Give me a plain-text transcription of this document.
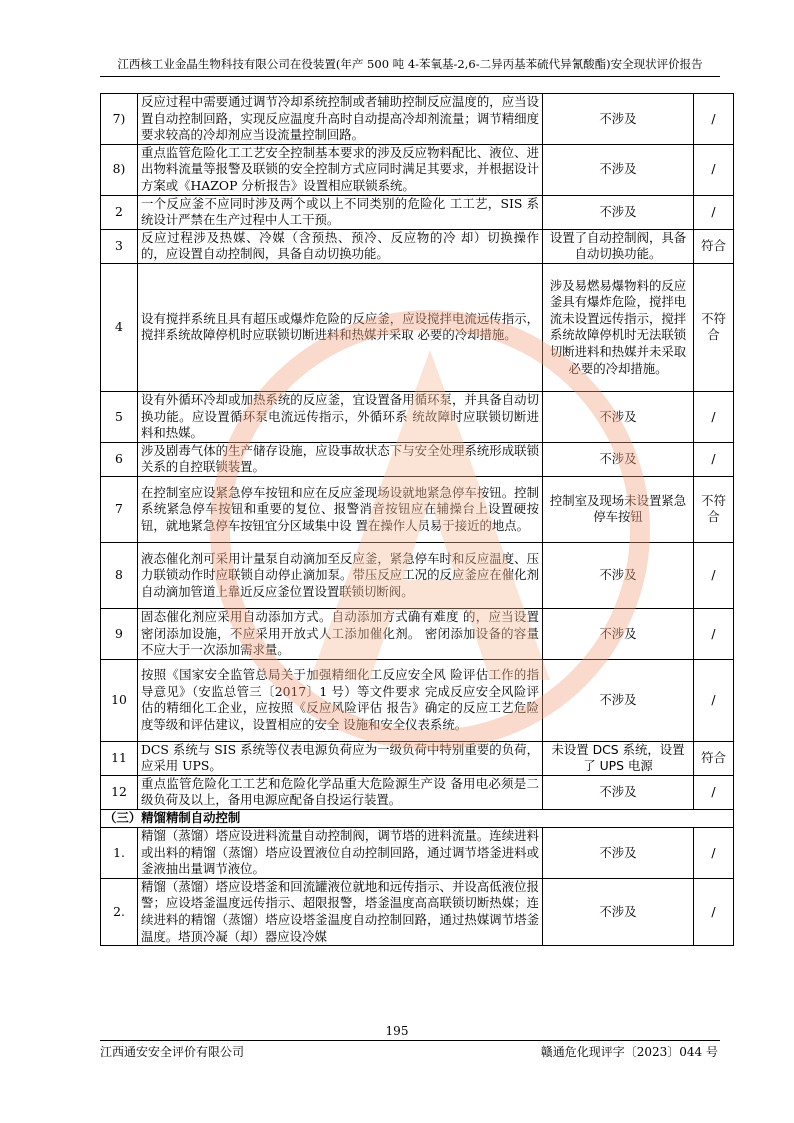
江西核工业金晶生物科技有限公司在役装置(年产 500 吨 4-苯氧基-2,6-二异丙基苯硫代异氰酸酯)安全现状评价报告
7)	反应过程中需要通过调节冷却系统控制或者辅助控制反应温度的，应当设置自动控制回路，实现反应温度升高时自动提高冷却剂流量；调节精细度要求较高的冷却剂应当设流量控制回路。	不涉及	/
8)	重点监管危险化工工艺安全控制基本要求的涉及反应物料配比、液位、进出物料流量等报警及联锁的安全控制方式应同时满足其要求，并根据设计方案或《HAZOP 分析报告》设置相应联锁系统。	不涉及	/
2	一个反应釜不应同时涉及两个或以上不同类别的危险化 工工艺，SIS 系统设计严禁在生产过程中人工干预。	不涉及	/
3	反应过程涉及热媒、冷媒（含预热、预冷、反应物的冷 却）切换操作的，应设置自动控制阀，具备自动切换功能。	设置了自动控制阀，具备自动切换功能。	符合
4	设有搅拌系统且具有超压或爆炸危险的反应釜，应设搅拌电流远传指示，搅拌系统故障停机时应联锁切断进料和热媒并采取 必要的冷却措施。	涉及易燃易爆物料的反应釜具有爆炸危险，搅拌电流未设置远传指示，搅拌系统故障停机时无法联锁切断进料和热媒并未采取必要的冷却措施。	不符合
5	设有外循环冷却或加热系统的反应釜，宜设置备用循环泵，并具备自动切换功能。应设置循环泵电流远传指示，外循环系 统故障时应联锁切断进料和热媒。	不涉及	/
6	涉及剧毒气体的生产储存设施，应设事故状态下与安全处理系统形成联锁关系的自控联锁装置。	不涉及	/
7	在控制室应设紧急停车按钮和应在反应釜现场设就地紧急停车按钮。控制系统紧急停车按钮和重要的复位、报警消音按钮应在辅操台上设置硬按钮，就地紧急停车按钮宜分区域集中设 置在操作人员易于接近的地点。	控制室及现场未设置紧急停车按钮	不符合
8	液态催化剂可采用计量泵自动滴加至反应釜，紧急停车时和反应温度、压力联锁动作时应联锁自动停止滴加泵。带压反应工况的反应釜应在催化剂自动滴加管道上靠近反应釜位置设置联锁切断阀。	不涉及	/
9	固态催化剂应采用自动添加方式。自动添加方式确有难度 的，应当设置密闭添加设施，不应采用开放式人工添加催化剂。 密闭添加设备的容量不应大于一次添加需求量。	不涉及	/
10	按照《国家安全监管总局关于加强精细化工反应安全风 险评估工作的指导意见》（安监总管三〔2017〕1 号）等文件要求 完成反应安全风险评估的精细化工企业，应按照《反应风险评估 报告》确定的反应工艺危险度等级和评估建议，设置相应的安全 设施和安全仪表系统。	不涉及	/
11	DCS 系统与 SIS 系统等仪表电源负荷应为一级负荷中特别重要的负荷，应采用 UPS。	未设置 DCS 系统，设置了 UPS 电源	符合
12	重点监管危险化工工艺和危险化学品重大危险源生产设 备用电必须是二级负荷及以上，备用电源应配备自投运行装置。	不涉及	/
（三）精馏精制自动控制			
1.	精馏（蒸馏）塔应设进料流量自动控制阀，调节塔的进料流量。连续进料或出料的精馏（蒸馏）塔应设置液位自动控制回路，通过调节塔釜进料或釜液抽出量调节液位。	不涉及	/
2.	精馏（蒸馏）塔应设塔釜和回流罐液位就地和远传指示、并设高低液位报警；应设塔釜温度远传指示、超限报警，塔釜温度高高联锁切断热媒；连续进料的精馏（蒸馏）塔应设塔釜温度自动控制回路，通过热媒调节塔釜温度。塔顶冷凝（却）器应设冷媒	不涉及	/
195
江西通安安全评价有限公司	赣通危化现评字〔2023〕044 号
